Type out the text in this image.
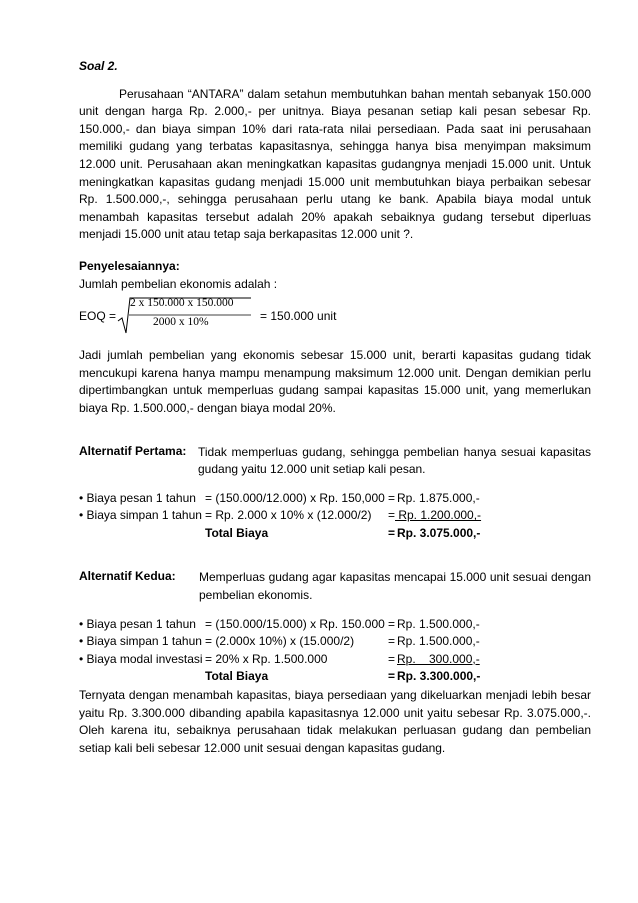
Soal 2.

Perusahaan “ANTARA” dalam setahun membutuhkan bahan mentah sebanyak 150.000 unit dengan harga Rp. 2.000,- per unitnya. Biaya pesanan setiap kali pesan sebesar Rp. 150.000,- dan biaya simpan 10% dari rata-rata nilai persediaan. Pada saat ini perusahaan memiliki gudang yang terbatas kapasitasnya, sehingga hanya bisa menyimpan maksimum 12.000 unit. Perusahaan akan meningkatkan kapasitas gudangnya menjadi 15.000 unit. Untuk meningkatkan kapasitas gudang menjadi 15.000 unit membutuhkan biaya perbaikan sebesar Rp. 1.500.000,-, sehingga perusahaan perlu utang ke bank. Apabila biaya modal untuk menambah kapasitas tersebut adalah 20% apakah sebaiknya gudang tersebut diperluas menjadi 15.000 unit atau tetap saja berkapasitas 12.000 unit ?.

Penyelesaiannya:

Jumlah pembelian ekonomis adalah :

EOQ =
2 x 150.000 x 150.000
2000 x 10%	= 150.000 unit

Jadi jumlah pembelian yang ekonomis sebesar 15.000 unit, berarti kapasitas gudang tidak mencukupi karena hanya mampu menampung maksimum 12.000 unit. Dengan demikian perlu dipertimbangkan untuk memperluas gudang sampai kapasitas 15.000 unit, yang memerlukan biaya Rp. 1.500.000,- dengan biaya modal 20%.

Alternatif Pertama: Tidak memperluas gudang, sehingga pembelian hanya sesuai kapasitas gudang yaitu 12.000 unit setiap kali pesan.

• Biaya pesan 1 tahun = (150.000/12.000) x Rp. 150,000 = Rp. 1.875.000,-
• Biaya simpan 1 tahun = Rp. 2.000 x 10% x (12.000/2) = Rp. 1.200.000,-
Total Biaya	= Rp. 3.075.000,-
Alternatif Kedua: Memperluas gudang agar kapasitas mencapai 15.000 unit sesuai dengan pembelian ekonomis.

• Biaya pesan 1 tahun = (150.000/15.000) x Rp. 150.000 = Rp. 1.500.000,-
• Biaya simpan 1 tahun = (2.000x 10%) x (15.000/2)	= Rp. 1.500.000,-
• Biaya modal investasi = 20% x Rp. 1.500.000	= Rp.    300.000,-
Total Biaya	= Rp. 3.300.000,-

Ternyata dengan menambah kapasitas, biaya persediaan yang dikeluarkan menjadi lebih besar yaitu Rp. 3.300.000 dibanding apabila kapasitasnya 12.000 unit yaitu sebesar Rp. 3.075.000,-. Oleh karena itu, sebaiknya perusahaan tidak melakukan perluasan gudang dan pembelian setiap kali beli sebesar 12.000 unit sesuai dengan kapasitas gudang.
